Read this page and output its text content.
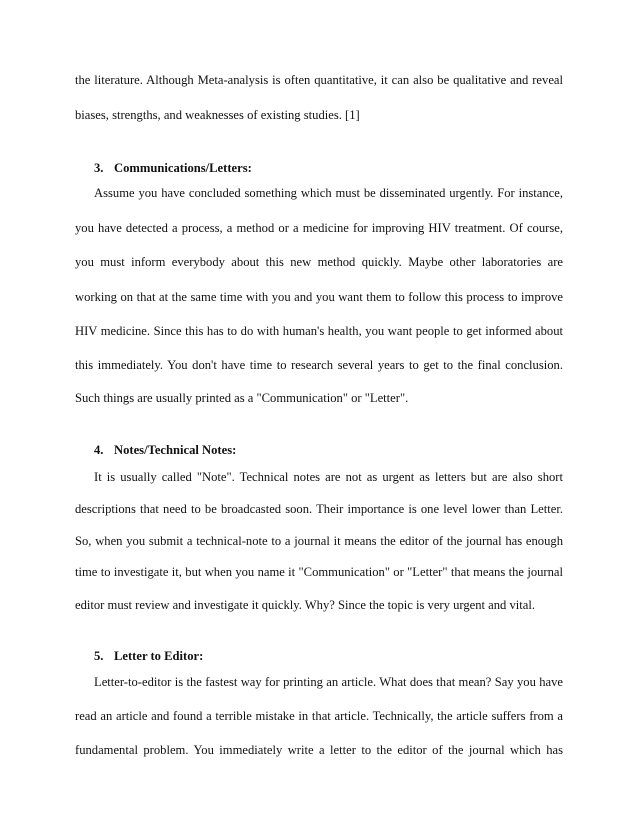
the literature. Although Meta-analysis is often quantitative, it can also be qualitative and reveal
biases, strengths, and weaknesses of existing studies. [1]
3. Communications/Letters:
Assume you have concluded something which must be disseminated urgently. For instance,
you have detected a process, a method or a medicine for improving HIV treatment. Of course,
you must inform everybody about this new method quickly. Maybe other laboratories are
working on that at the same time with you and you want them to follow this process to improve
HIV medicine. Since this has to do with human's health, you want people to get informed about
this immediately. You don't have time to research several years to get to the final conclusion.
Such things are usually printed as a "Communication" or "Letter".
4. Notes/Technical Notes:
It is usually called "Note". Technical notes are not as urgent as letters but are also short
descriptions that need to be broadcasted soon. Their importance is one level lower than Letter.
So, when you submit a technical-note to a journal it means the editor of the journal has enough
time to investigate it, but when you name it "Communication" or "Letter" that means the journal
editor must review and investigate it quickly. Why? Since the topic is very urgent and vital.
5. Letter to Editor:
Letter-to-editor is the fastest way for printing an article. What does that mean? Say you have
read an article and found a terrible mistake in that article. Technically, the article suffers from a
fundamental problem. You immediately write a letter to the editor of the journal which has
